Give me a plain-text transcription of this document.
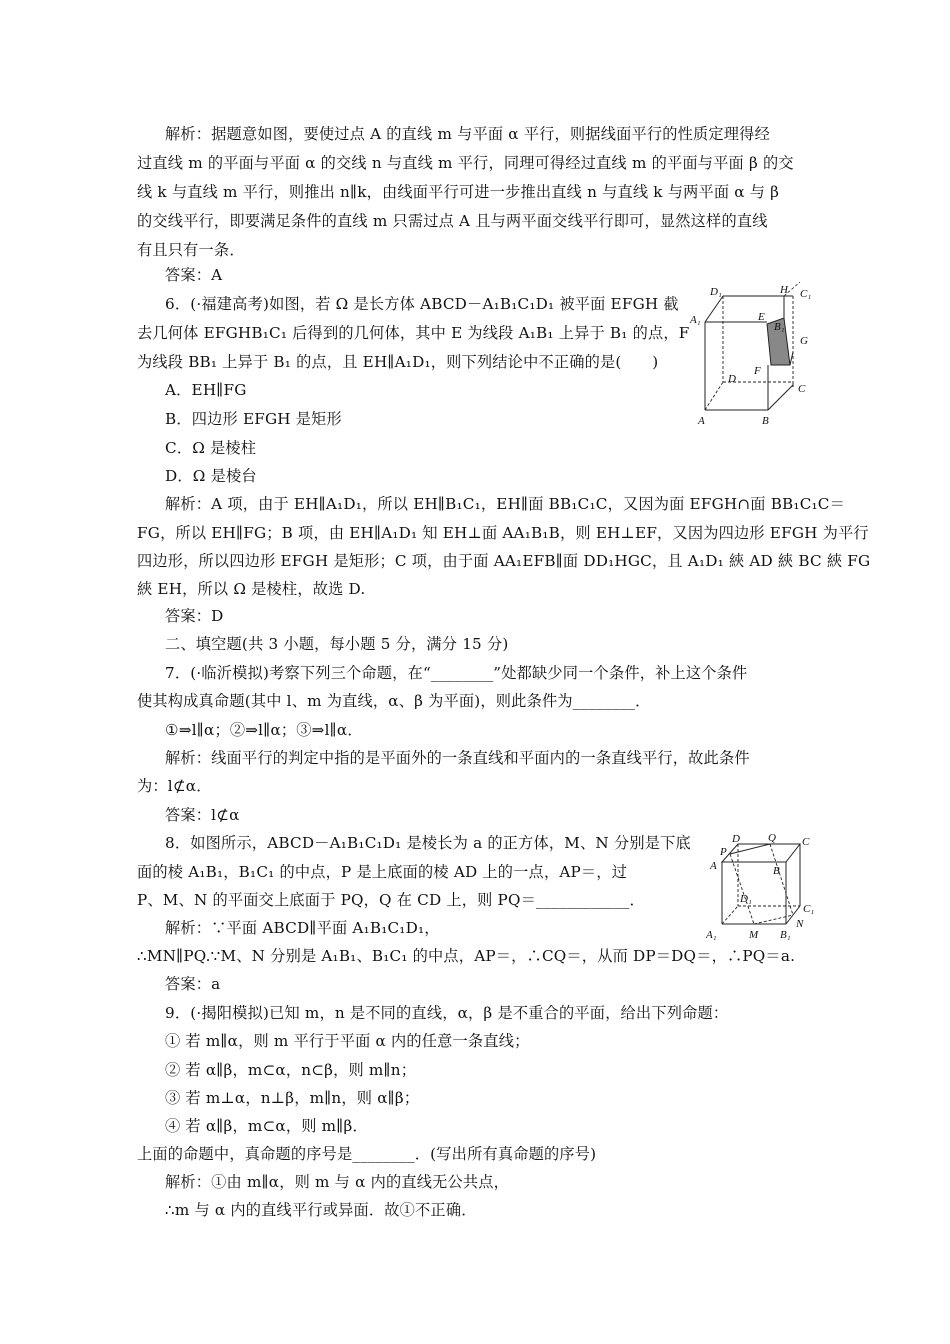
解析：据题意如图，要使过点 A 的直线 m 与平面 α 平行，则据线面平行的性质定理得经
过直线 m 的平面与平面 α 的交线 n 与直线 m 平行，同理可得经过直线 m 的平面与平面 β 的交
线 k 与直线 m 平行，则推出 n∥k，由线面平行可进一步推出直线 n 与直线 k 与两平面 α 与 β
的交线平行，即要满足条件的直线 m 只需过点 A 且与两平面交线平行即可，显然这样的直线
有且只有一条．
答案：A
6．(·福建高考)如图，若 Ω 是长方体 ABCD－A₁B₁C₁D₁ 被平面 EFGH 截
去几何体 EFGHB₁C₁ 后得到的几何体，其中 E 为线段 A₁B₁ 上异于 B₁ 的点，F
为线段 BB₁ 上异于 B₁ 的点，且 EH∥A₁D₁，则下列结论中不正确的是(　　)
A．EH∥FG
B．四边形 EFGH 是矩形
C．Ω 是棱柱
D．Ω 是棱台
解析：A 项，由于 EH∥A₁D₁，所以 EH∥B₁C₁，EH∥面 BB₁C₁C，又因为面 EFGH∩面 BB₁C₁C＝
FG，所以 EH∥FG；B 项，由 EH∥A₁D₁ 知 EH⊥面 AA₁B₁B，则 EH⊥EF，又因为四边形 EFGH 为平行
四边形，所以四边形 EFGH 是矩形；C 项，由于面 AA₁EFB∥面 DD₁HGC，且 A₁D₁ 綊 AD 綊 BC 綊 FG
綊 EH，所以 Ω 是棱柱，故选 D.
答案：D
二、填空题(共 3 小题，每小题 5 分，满分 15 分)
7．(·临沂模拟)考察下列三个命题，在“________”处都缺少同一个条件，补上这个条件
使其构成真命题(其中 l、m 为直线，α、β 为平面)，则此条件为________．
①⇒l∥α；②⇒l∥α；③⇒l∥α．
解析：线面平行的判定中指的是平面外的一条直线和平面内的一条直线平行，故此条件
为：l⊄α．
答案：l⊄α
8．如图所示，ABCD－A₁B₁C₁D₁ 是棱长为 a 的正方体，M、N 分别是下底
面的棱 A₁B₁，B₁C₁ 的中点，P 是上底面的棱 AD 上的一点，AP＝，过
P、M、N 的平面交上底面于 PQ，Q 在 CD 上，则 PQ＝____________．
解析：∵平面 ABCD∥平面 A₁B₁C₁D₁，
∴MN∥PQ.∵M、N 分别是 A₁B₁、B₁C₁ 的中点，AP＝，∴CQ＝，从而 DP＝DQ＝，∴PQ＝a.
答案：a
9．(·揭阳模拟)已知 m，n 是不同的直线，α，β 是不重合的平面，给出下列命题：
① 若 m∥α，则 m 平行于平面 α 内的任意一条直线；
② 若 α∥β，m⊂α，n⊂β，则 m∥n；
③ 若 m⊥α，n⊥β，m∥n，则 α∥β；
④ 若 α∥β，m⊂α，则 m∥β．
上面的命题中，真命题的序号是________．(写出所有真命题的序号)
解析：①由 m∥α，则 m 与 α 内的直线无公共点，
∴m 与 α 内的直线平行或异面．故①不正确．
D₁	H C₁
A₁	E
B₁
G
F
D
C
A	B
D	Q C
P
A	B
D₁
C₁
A₁	M B₁
N
